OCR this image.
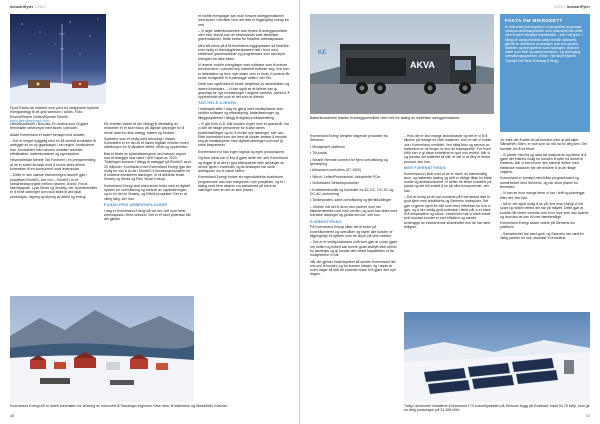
Industriflyter 1/2017
Fjord Radio ble etablert som pilot for utslippsfrie hybride energianlegg til off-grid samfunn i Arktis. Foto: Envind/Stejen Holten/Nysdal Tolenik, www.geirvanleyland.com

Utenriksminister i Bouvika. En arktisk som vil gjøre terminalen selvforsynt med strøm i perioder.

Aktørl Kverneland er svært fornøyd med avtalen.

– Det er meget hyggelig med en så sentral kontrakter til anlegget av en ny gigastasjon i sin region, konkluderer han. Kontrakten med havnen omfatter solceller, effektbatteri, batterikontainer og styresystem.

Havnedirektør Merete Gik Fordveer i en pressemelding at de er svært fornøyd med å kunne bidra denne kontrakten til en komponent local leverandør.

– Dette er den største investeringen havnen gjør i prosjektet Elnett21, sier hun – Elnett21 er et samarbeidsprosjekt mellom havnen, Avinor, Forus Næringspark, Lyse Elnett og Smartly, der hovedformålet er å finne løsninger som skal bidra til økt lokal produksjon, lagring og styring av effekt og energi.

Elk forteller videre at det i tillegg til utbetaling av miniceller er et stort fokus på digitale løsninger for å hente data fra ulike anlegg, batteri og brukere.

Sykkelfor som er mulig med teknologi i lokaler. Kontrakten er en del av et større digitale enheter innen distribusjon for å håndtere effekt, vilkår og opplevelser.

Bak et fleste av spesialiseringene ved havnen regner han at anlegget skal være i drift i løpet av 2020. Tildelingen kommer i tillegg til anlegget på Elnett21 av kr 20 millioner. Kontrakten med Kverneland Energi gjør det mulig for oss å ta del i Elnett21's forretningsmodeller for å utdanne framtidens løsninger. Vi vil allerede bruke Smarty og Sticks og Rich Smart Energi.

Kverneland Energi skal blant annet bidra med et digitalt system for overvåkning og kontroll av oppskaleringen, og er en del av Smarty- og Effekt-prosjektet. Det er et viktig steg, sier han.

FOSSILFRIE ARBEIDSPLASSER

I dag er Kverneland Energi på vei inn i det som heter arbeidsplass i flere sektorer. Det er et stort potensial når det gjelder

et mobilt energilager kan man forsyne anleggsmaskiner med strøm i områder hvor det ikke er tilgjengelig energi fra nett.

– Vi lager batterikontainere som festes til anleggsområder uten nett, likevel kan de eksempelvis lade elektriske gravemaskiner. Dette bidrar for fossilfrie arbeidsplasser.

Med sitt fokus på å få fremtidens byggeplasser så fossilfrie som mulig er teknologileverandøren helt i front med elektriske gravemaskiner og programvare som kan styre energien fra ulike kilder.

Vi leverer mobile energilager med software som til enhver tid informerer i sanntid hvor batteriet befinner seg, hva som er ladestatus og hvor mye strøm som er brukt. Kundene får bedre muligheter til å planlegge driften, sier Elk.

Dette kan også bidra til bedre utnyttelse av arbeidstiden og lavere kostnader. – Vi kan også se at tallene kan gi grunnlag for nye investeringer i dagens varehus, samt for å opprettholde det som er det som er tiltenkt.

TAR HELE KJEDEN

I selskapet sitter i dag en gjeng med studieplasser som utvikler software og effektstyring, batteriløsninger og tilleggssystemer i tillegg til digital produktutvikling.

– Vi går til en A-Å. Når kunden ringer med et spørsmål, har vi alle de riktige personene for å løse deres problemstillinger og for å utvikle nye løsninger, sier han. Etter kontrakten kom det frem at kunder ønsker å benytte seg av installasjoner med digitale løsninger som kan gi store besparelser.

Kverneland tror han ingen fagfolk og egne produksjoner.

Og ikke minst har vi lovt å gjøre dette her, sier Kverneland og legger til at det er god etterspørsel etter løsninger av denne typen i markedet, og at selskapet har store ambisjoner om å vokse videre.

Kverneland Energi bruker sin egenutviklede skalerbare programvare som kan integreres i nye prosjekter, og er i dialog med flere aktører om samarbeid på tvers av næringer som en del av sine planer.

Kverneland Energi AS er tildelt kontrakten for levering av mikronett til Stavanger-regionen Havn etter til batteriene og fleksibilitet i havnen.
16
1/2017 IndustriFyler
AKVA
KE
Batterikontainere fraktes til anleggsområder uten nett for lading av elektriske anleggsmaskiner.
FAKTA OM MIKRONETT
Et mikronett (microgrid) er et geografisk avgrenset elektrisk distribusjonsnett, som potensielt kan drifte uten å være tilknyttet hovednettet – kalt «off-grid». I tillegg til vanlig elektrisk utstyr består mikronett gjerne av distribuert produksjon som sol og vind, batterier og energibærer som hydrogen, styrbare laster som elbil og varmtvannstank, og styringsog overvåkingssystemer. (Kilde: Fjernstyrt Nyfeldt Troedet Vell Strim Eierskap Energi)

Kverneland Energi benytter følgende produkter fra Siemens:

• Mindsphere plattform

• TIA portal

• Smarte Remote connect for fjern-overvåkning og fjernstyring

• Advanced controllers (S7-1500)

• Winch, LeftedProfessional, industrielle PCer

• Sofisticated Networkprodukter

• Krafteelektronikk og kontroller for AC-DC, DC-DC og DC-AC-omforming

• Tankesystem, samt overvåkning og fjerntilkoblinger

– Direkte må det å ha en stor partner som har tilstedeværelse over hele verden, og som kan bidra med tekniske løsninger og global service, sier han.

FJERNSTYRING

På Kverneland Energi sitter det et team på kontrollsenteret og overvåker og styrer alle kunder, er tilgjengelig i et system som de styrer på sine mobiler.

– Det er et veldig ballanses nivå som gjør at vi kan gjøre om driften og enkelt kan levere gode lastflytt etter behov for løsninger og gi kunder den beste kapasiteten ut fra mulighetene vi har.

Når det gjelder batterisystem så sender Kverneland det rett ned til kunden og fra kunden tilbake, og i løpet av noen dager så står de sammen klare til å gjøre den nye dagen.

– Hvis det er lavt mange lavkostnader og det er vi til å tilkoble på mange av våre maskiner, som er det vi holder oss i Kverneland-området. Ved riktig bruk og service av batteriene er de lenger liv enn de tradisjonelle. For hvert kWh kan vi gi disse enhetene en god nok levetid. Når vi og kunden ser batteriet bli slitt, er det vi vil tilby et bedre produkt, sier han.

MER FJERNSTYRING

Kverneland er stolt over at de er med i en bærekraftig lønn, og batteriets lasting og drift er viktige tiltak for både kunde og arbeidsvolumet. Vi setter de fleste kundene på pause og det blir enkelt å se på våre komponenter, sier han.

– Det er mulig at de nye kundene på Kverneland ikke er godt kjent med teknikkens og Siemens funksjoner. Det gjør vi gjerne kjent for alle som viser interesse for hva vi gjør, og vi ser veldig godt potensial i dette når vi er klare til å ekspandere og vokse. Innimellom har vi blant annet sett hvordan kunder er mer effektive og mindre avhengige av eksisterende strømnettet enn de har vært tidligere.

Ja, bare det å sette tid på kunden viser at det skjer. Sårbarhet i tiden, er noe som du må ha for deg selv. Det handler om å ha frihet.

– Vi jobber med tid og data fra maskinene og bilene til å gjøre det enklest mulig for kunden å bytte fra diesel til elektrisk. Når vi kan levere den samme driften med elektriske maskiner blir det enklere å ta de riktige valgene.

Kverneland er fornøyd med både programvaren og samarbeidet med Siemens, og har store planer for fremtiden.

– Vi kan se hvor mange timer vi har i drift og planlegge etter det, sier han.

– Nå er det også mulig å se på hvor mye energi vi har spart og hvilken effekt det har på miljøet. Dette gjør at kunden får bedre oversikt over hvor mye som kan spares og hvordan de kan bli mer bærekraftige.

Kverneland Energi satser videre på Siemens sin plattform.

– Samarbeidet har vært godt, og Siemens har vært en viktig partner for oss, avslutter Kverneland.

Tidlig i desember installerte Kverneland 170 solcellepanelen på Telenors bygg på Svalbard, totalt 54,75 kWp, som gir en årlig produksjon på 31.268 kWh.
17
